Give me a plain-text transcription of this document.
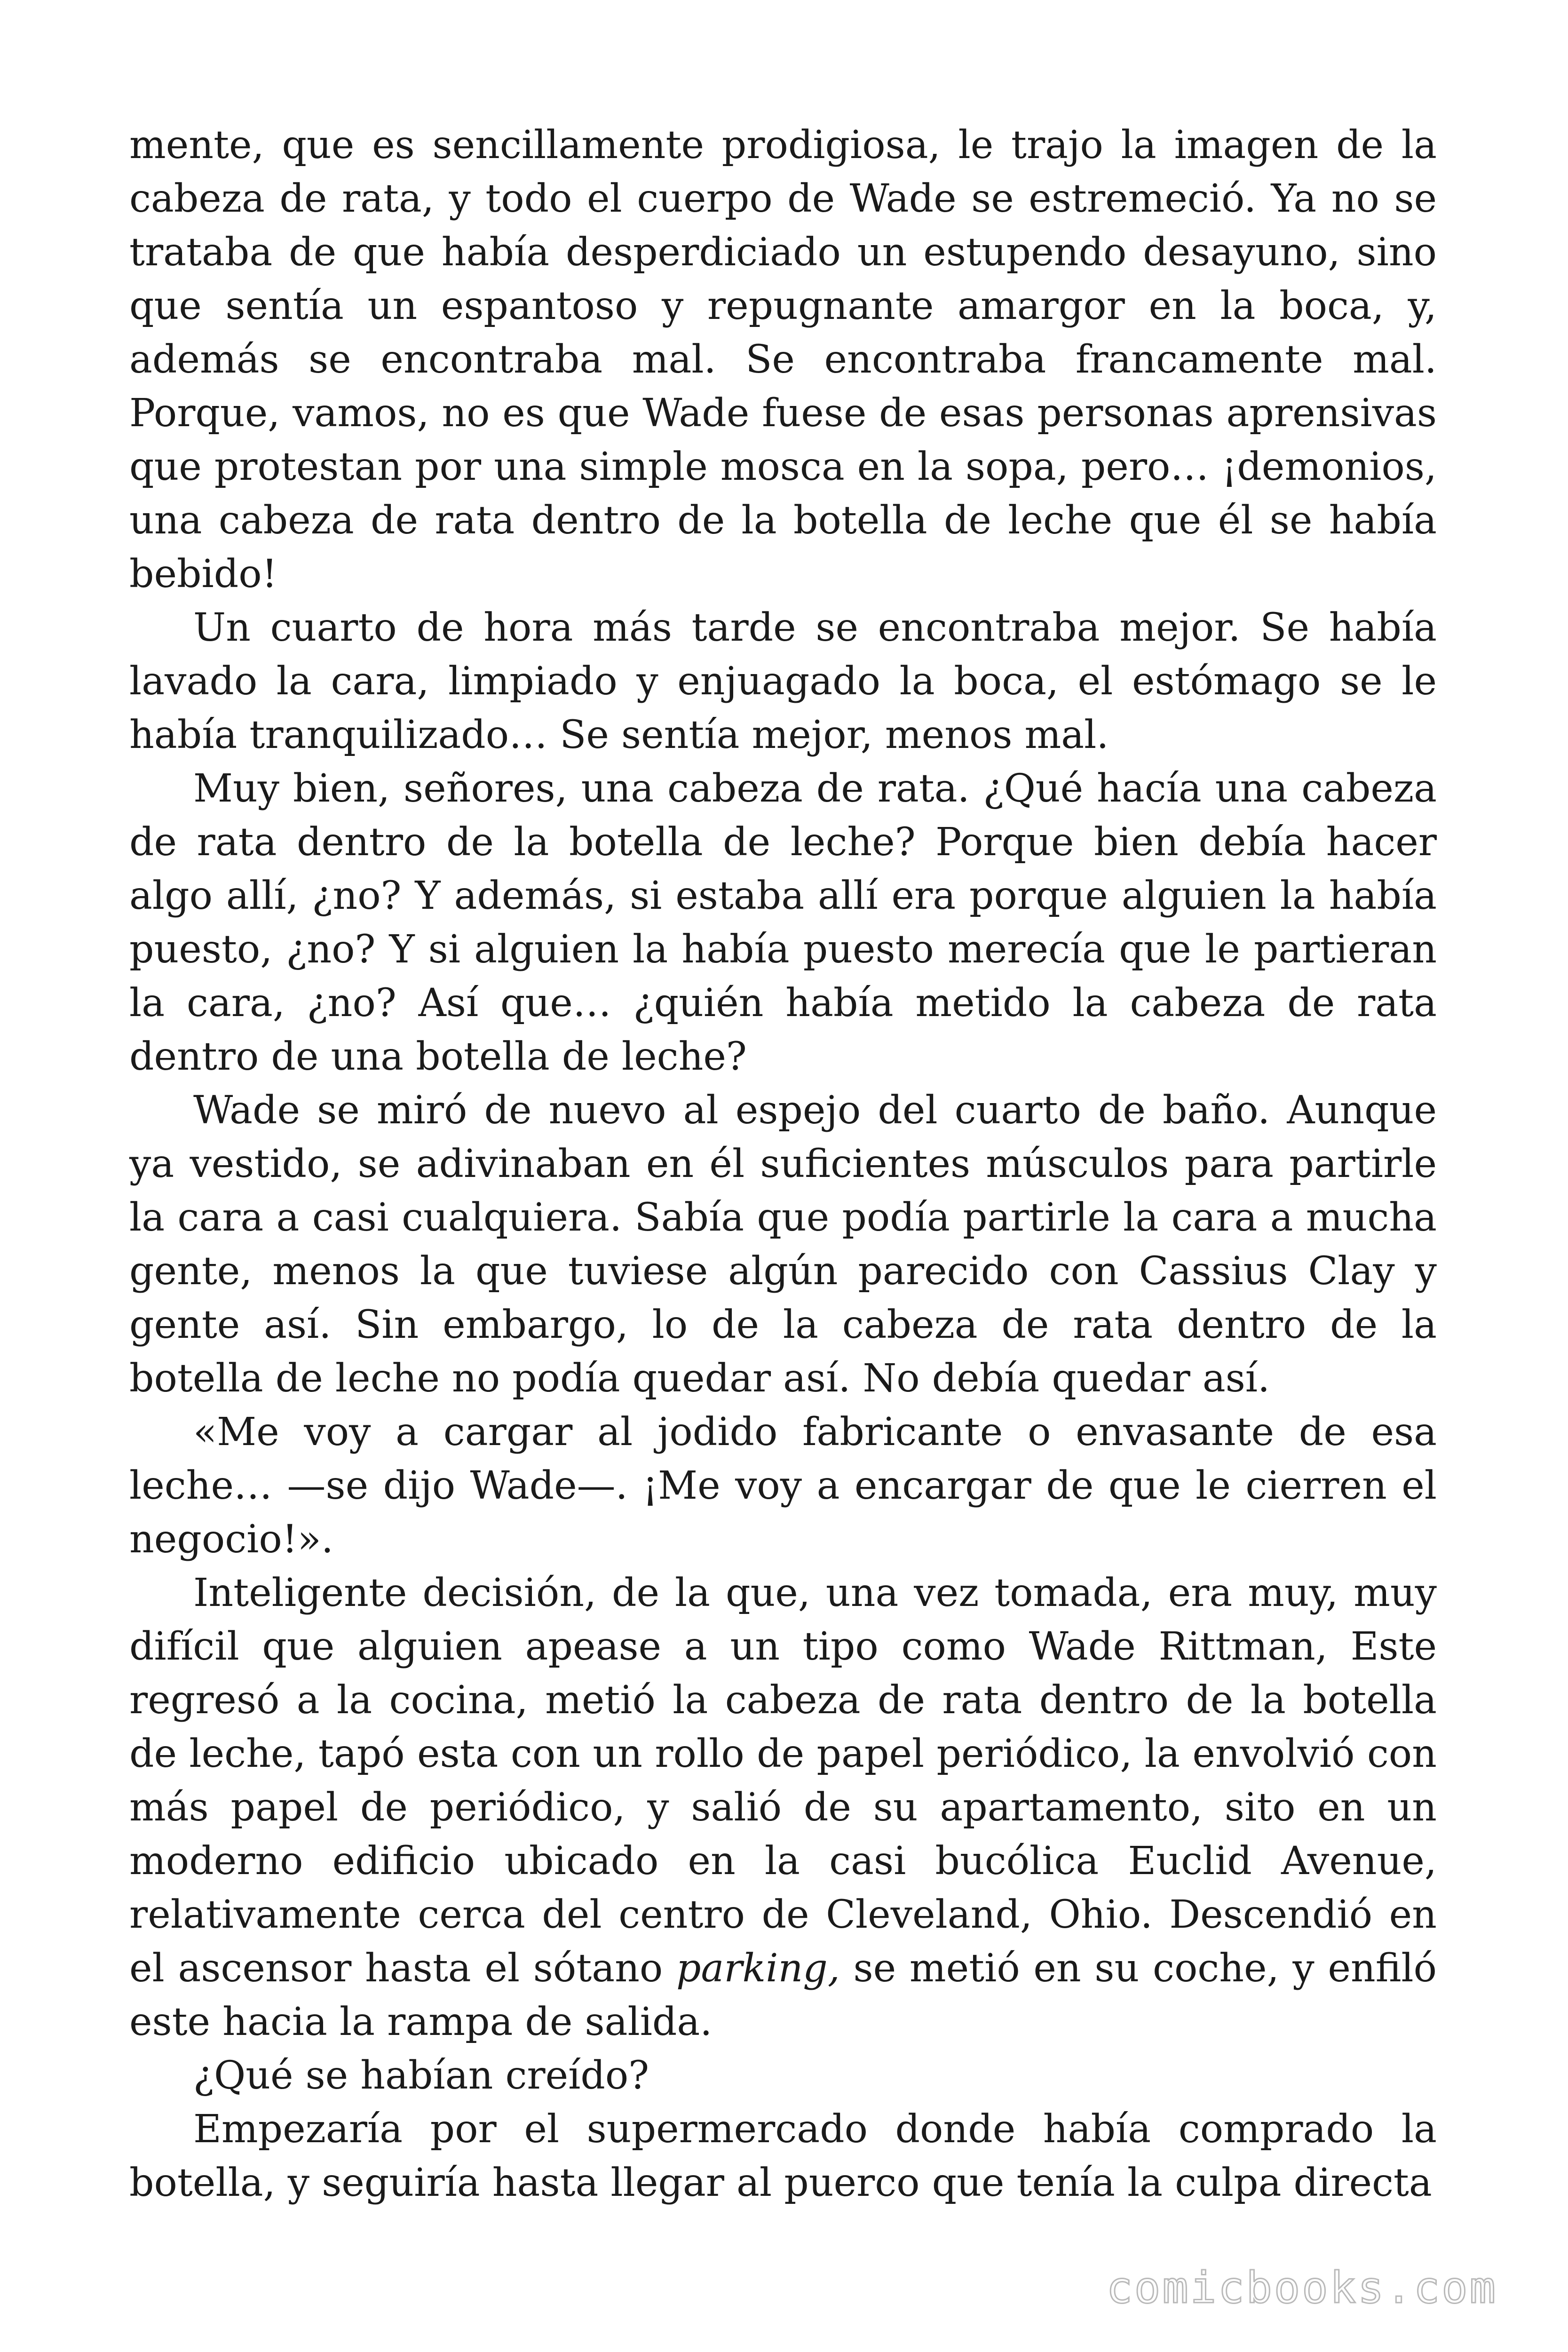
mente, que es sencillamente prodigiosa, le trajo la imagen de la cabeza de rata, y todo el cuerpo de Wade se estremeció. Ya no se trataba de que había desperdiciado un estupendo desayuno, sino que sentía un espantoso y repugnante amargor en la boca, y, además se encontraba mal. Se encontraba francamente mal. Porque, vamos, no es que Wade fuese de esas personas aprensivas que protestan por una simple mosca en la sopa, pero… ¡demonios, una cabeza de rata dentro de la botella de leche que él se había bebido!

Un cuarto de hora más tarde se encontraba mejor. Se había lavado la cara, limpiado y enjuagado la boca, el estómago se le había tranquilizado… Se sentía mejor, menos mal.

Muy bien, señores, una cabeza de rata. ¿Qué hacía una cabeza de rata dentro de la botella de leche? Porque bien debía hacer algo allí, ¿no? Y además, si estaba allí era porque alguien la había puesto, ¿no? Y si alguien la había puesto merecía que le partieran la cara, ¿no? Así que… ¿quién había metido la cabeza de rata dentro de una botella de leche?

Wade se miró de nuevo al espejo del cuarto de baño. Aunque ya vestido, se adivinaban en él suficientes músculos para partirle la cara a casi cualquiera. Sabía que podía partirle la cara a mucha gente, menos la que tuviese algún parecido con Cassius Clay y gente así. Sin embargo, lo de la cabeza de rata dentro de la botella de leche no podía quedar así. No debía quedar así.

«Me voy a cargar al jodido fabricante o envasante de esa leche… —se dijo Wade—. ¡Me voy a encargar de que le cierren el negocio!».

Inteligente decisión, de la que, una vez tomada, era muy, muy difícil que alguien apease a un tipo como Wade Rittman, Este regresó a la cocina, metió la cabeza de rata dentro de la botella de leche, tapó esta con un rollo de papel periódico, la envolvió con más papel de periódico, y salió de su apartamento, sito en un moderno edificio ubicado en la casi bucólica Euclid Avenue, relativamente cerca del centro de Cleveland, Ohio. Descendió en el ascensor hasta el sótano parking, se metió en su coche, y enfiló este hacia la rampa de salida.

¿Qué se habían creído?

Empezaría por el supermercado donde había comprado la botella, y seguiría hasta llegar al puerco que tenía la culpa directa

comicbooks.com
